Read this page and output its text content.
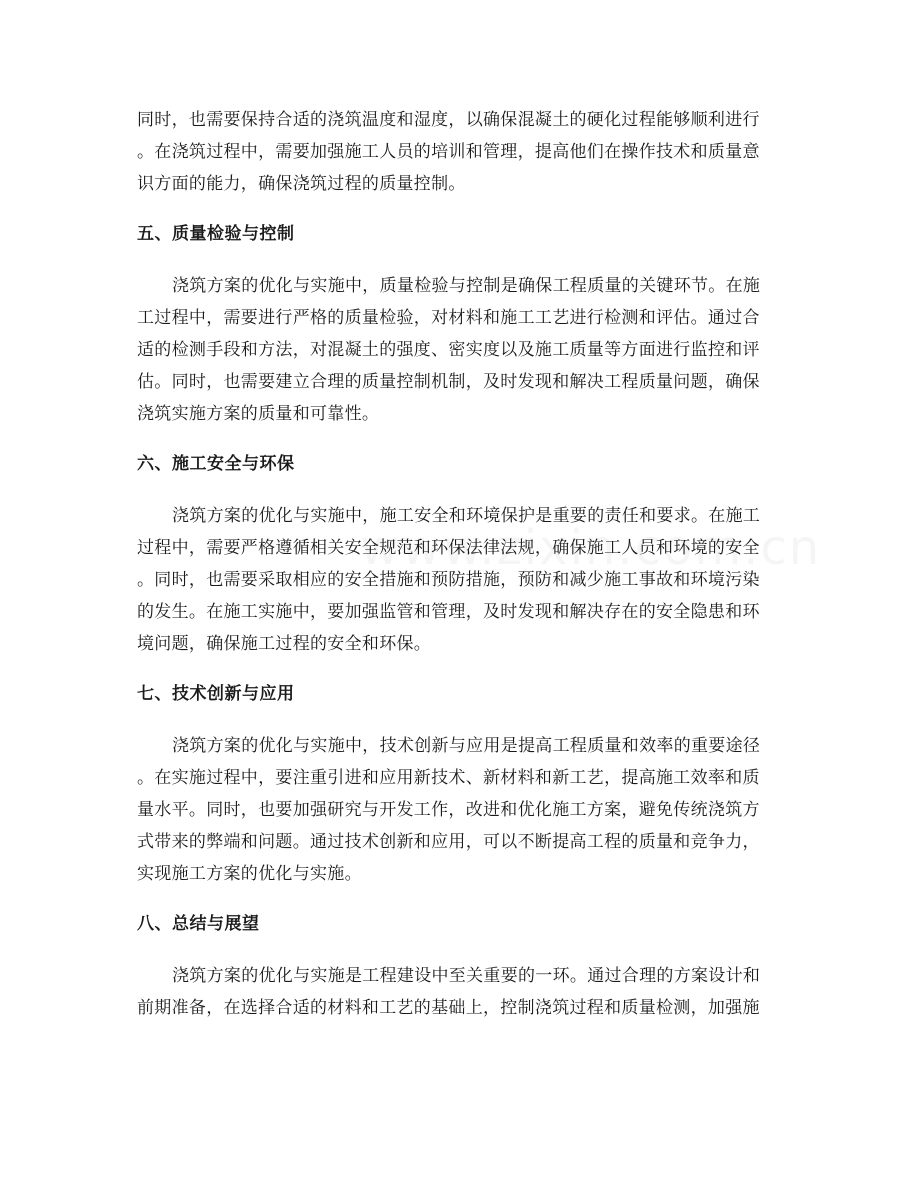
同时，也需要保持合适的浇筑温度和湿度，以确保混凝土的硬化过程能够顺利进行
。在浇筑过程中，需要加强施工人员的培训和管理，提高他们在操作技术和质量意
识方面的能力，确保浇筑过程的质量控制。
五、质量检验与控制
浇筑方案的优化与实施中，质量检验与控制是确保工程质量的关键环节。在施
工过程中，需要进行严格的质量检验，对材料和施工工艺进行检测和评估。通过合
适的检测手段和方法，对混凝土的强度、密实度以及施工质量等方面进行监控和评
估。同时，也需要建立合理的质量控制机制，及时发现和解决工程质量问题，确保
浇筑实施方案的质量和可靠性。
六、施工安全与环保
浇筑方案的优化与实施中，施工安全和环境保护是重要的责任和要求。在施工
过程中，需要严格遵循相关安全规范和环保法律法规，确保施工人员和环境的安全
。同时，也需要采取相应的安全措施和预防措施，预防和减少施工事故和环境污染
的发生。在施工实施中，要加强监管和管理，及时发现和解决存在的安全隐患和环
境问题，确保施工过程的安全和环保。
七、技术创新与应用
浇筑方案的优化与实施中，技术创新与应用是提高工程质量和效率的重要途径
。在实施过程中，要注重引进和应用新技术、新材料和新工艺，提高施工效率和质
量水平。同时，也要加强研究与开发工作，改进和优化施工方案，避免传统浇筑方
式带来的弊端和问题。通过技术创新和应用，可以不断提高工程的质量和竞争力，
实现施工方案的优化与实施。
八、总结与展望
浇筑方案的优化与实施是工程建设中至关重要的一环。通过合理的方案设计和
前期准备，在选择合适的材料和工艺的基础上，控制浇筑过程和质量检测，加强施
